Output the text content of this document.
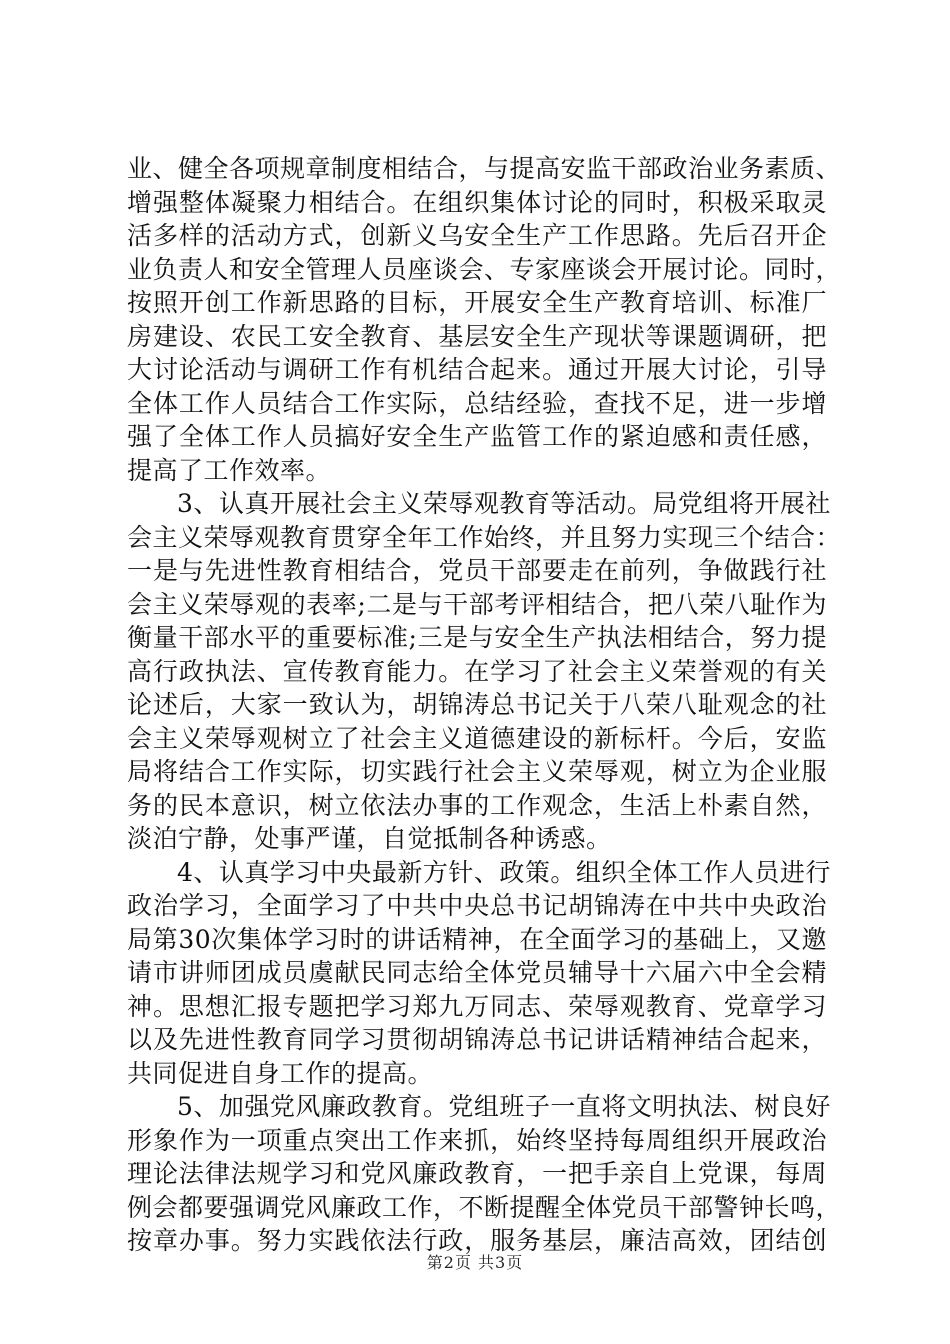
业、健全各项规章制度相结合，与提高安监干部政治业务素质、
增强整体凝聚力相结合。在组织集体讨论的同时，积极采取灵
活多样的活动方式，创新义乌安全生产工作思路。先后召开企
业负责人和安全管理人员座谈会、专家座谈会开展讨论。同时，
按照开创工作新思路的目标，开展安全生产教育培训、标准厂
房建设、农民工安全教育、基层安全生产现状等课题调研，把
大讨论活动与调研工作有机结合起来。通过开展大讨论，引导
全体工作人员结合工作实际，总结经验，查找不足，进一步增
强了全体工作人员搞好安全生产监管工作的紧迫感和责任感，
提高了工作效率。
3、认真开展社会主义荣辱观教育等活动。局党组将开展社
会主义荣辱观教育贯穿全年工作始终，并且努力实现三个结合：
一是与先进性教育相结合，党员干部要走在前列，争做践行社
会主义荣辱观的表率;二是与干部考评相结合，把八荣八耻作为
衡量干部水平的重要标准;三是与安全生产执法相结合，努力提
高行政执法、宣传教育能力。在学习了社会主义荣誉观的有关
论述后，大家一致认为，胡锦涛总书记关于八荣八耻观念的社
会主义荣辱观树立了社会主义道德建设的新标杆。今后，安监
局将结合工作实际，切实践行社会主义荣辱观，树立为企业服
务的民本意识，树立依法办事的工作观念，生活上朴素自然，
淡泊宁静，处事严谨，自觉抵制各种诱惑。
4、认真学习中央最新方针、政策。组织全体工作人员进行
政治学习，全面学习了中共中央总书记胡锦涛在中共中央政治
局第30次集体学习时的讲话精神，在全面学习的基础上，又邀
请市讲师团成员虞献民同志给全体党员辅导十六届六中全会精
神。思想汇报专题把学习郑九万同志、荣辱观教育、党章学习
以及先进性教育同学习贯彻胡锦涛总书记讲话精神结合起来，
共同促进自身工作的提高。
5、加强党风廉政教育。党组班子一直将文明执法、树良好
形象作为一项重点突出工作来抓，始终坚持每周组织开展政治
理论法律法规学习和党风廉政教育，一把手亲自上党课，每周
例会都要强调党风廉政工作，不断提醒全体党员干部警钟长鸣，
按章办事。努力实践依法行政，服务基层，廉洁高效，团结创
第2页 共3页
